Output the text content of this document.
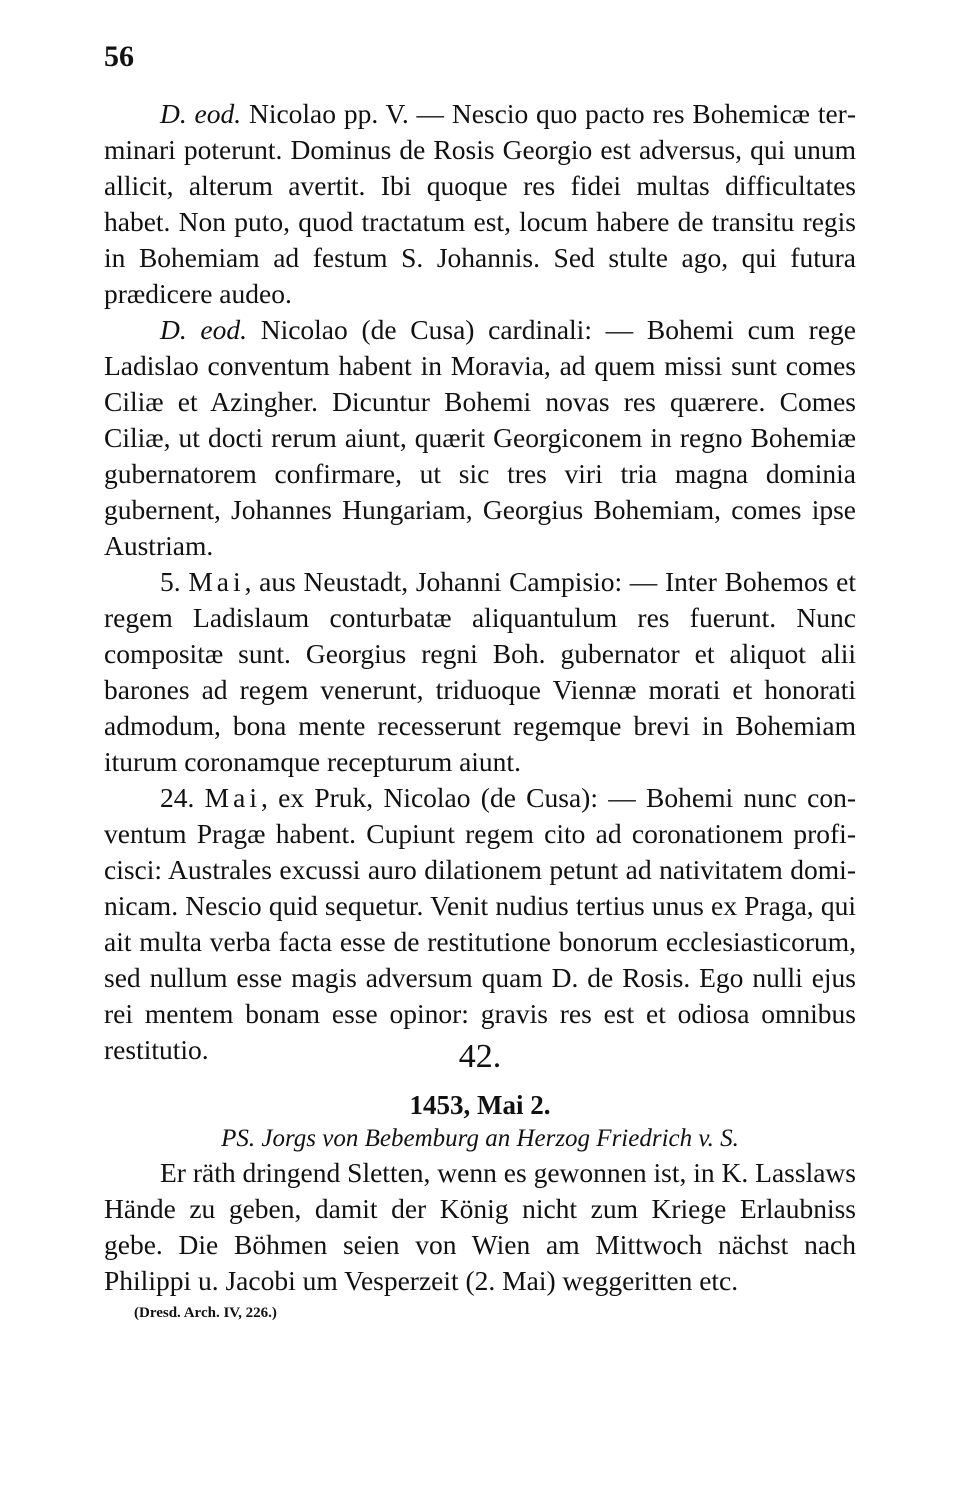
56

D. eod. Nicolao pp. V. — Nescio quo pacto res Bohemicæ terminari poterunt. Dominus de Rosis Georgio est adversus, qui unum allicit, alterum avertit. Ibi quoque res fidei multas difficultates habet. Non puto, quod tractatum est, locum habere de transitu regis in Bohemiam ad festum S. Johannis. Sed stulte ago, qui futura prædicere audeo.

D. eod. Nicolao (de Cusa) cardinali: — Bohemi cum rege Ladislao conventum habent in Moravia, ad quem missi sunt comes Ciliæ et Azingher. Dicuntur Bohemi novas res quærere. Comes Ciliæ, ut docti rerum aiunt, quærit Georgiconem in regno Bohemiæ gubernatorem confirmare, ut sic tres viri tria magna dominia gubernent, Johannes Hungariam, Georgius Bohemiam, comes ipse Austriam.

5. Mai, aus Neustadt, Johanni Campisio: — Inter Bohemos et regem Ladislaum conturbatæ aliquantulum res fuerunt. Nunc compositæ sunt. Georgius regni Boh. gubernator et aliquot alii barones ad regem venerunt, triduoque Viennæ morati et honorati admodum, bona mente recesserunt regemque brevi in Bohemiam iturum coronamque recepturum aiunt.

24. Mai, ex Pruk, Nicolao (de Cusa): — Bohemi nunc conventum Pragæ habent. Cupiunt regem cito ad coronationem proficisci: Australes excussi auro dilationem petunt ad nativitatem dominicam. Nescio quid sequetur. Venit nudius tertius unus ex Praga, qui ait multa verba facta esse de restitutione bonorum ecclesiasticorum, sed nullum esse magis adversum quam D. de Rosis. Ego nulli ejus rei mentem bonam esse opinor: gravis res est et odiosa omnibus restitutio.	42.
1453, Mai 2.
PS. Jorgs von Bebemburg an Herzog Friedrich v. S.

Er räth dringend Sletten, wenn es gewonnen ist, in K. Lasslaws Hände zu geben, damit der König nicht zum Kriege Erlaubniss gebe. Die Böhmen seien von Wien am Mittwoch nächst nach Philippi u. Jacobi um Vesperzeit (2. Mai) weggeritten etc.

(Dresd. Arch. IV, 226.)
